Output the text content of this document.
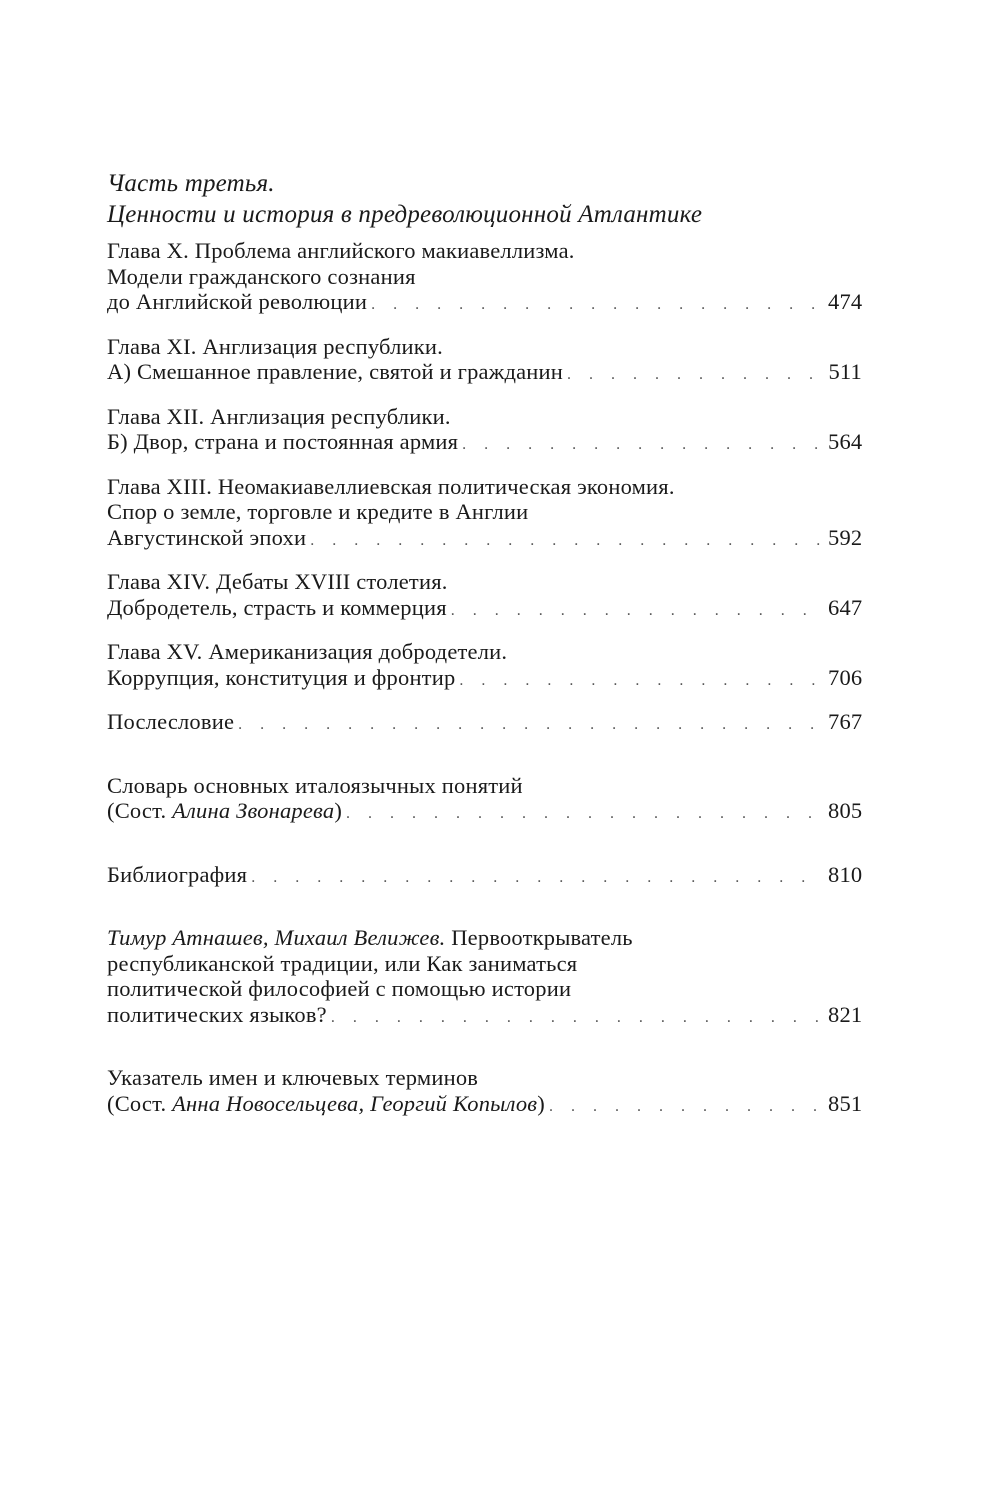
Часть третья.
Ценности и история в предреволюционной Атлантике
Глава X. Проблема английского макиавеллизма.
Модели гражданского сознания
до Английской революции . . .	474
Глава XI. Англизация республики.
А) Смешанное правление, святой и гражданин . . .	511
Глава XII. Англизация республики.
Б) Двор, страна и постоянная армия . . .	564
Глава XIII. Неомакиавеллиевская политическая экономия.
Спор о земле, торговле и кредите в Англии
Августинской эпохи . . .	592
Глава XIV. Дебаты XVIII столетия.
Добродетель, страсть и коммерция . . .	647
Глава XV. Американизация добродетели.
Коррупция, конституция и фронтир . . .	706
Послесловие . . .	767
Словарь основных италоязычных понятий
(Сост. Алина Звонарева) . . .	805
Библиография . . .	810
Тимур Атнашев, Михаил Велижев. Первооткрыватель
республиканской традиции, или Как заниматься
политической философией с помощью истории
политических языков? . . .	821
Указатель имен и ключевых терминов
(Сост. Анна Новосельцева, Георгий Копылов) . . .	851
